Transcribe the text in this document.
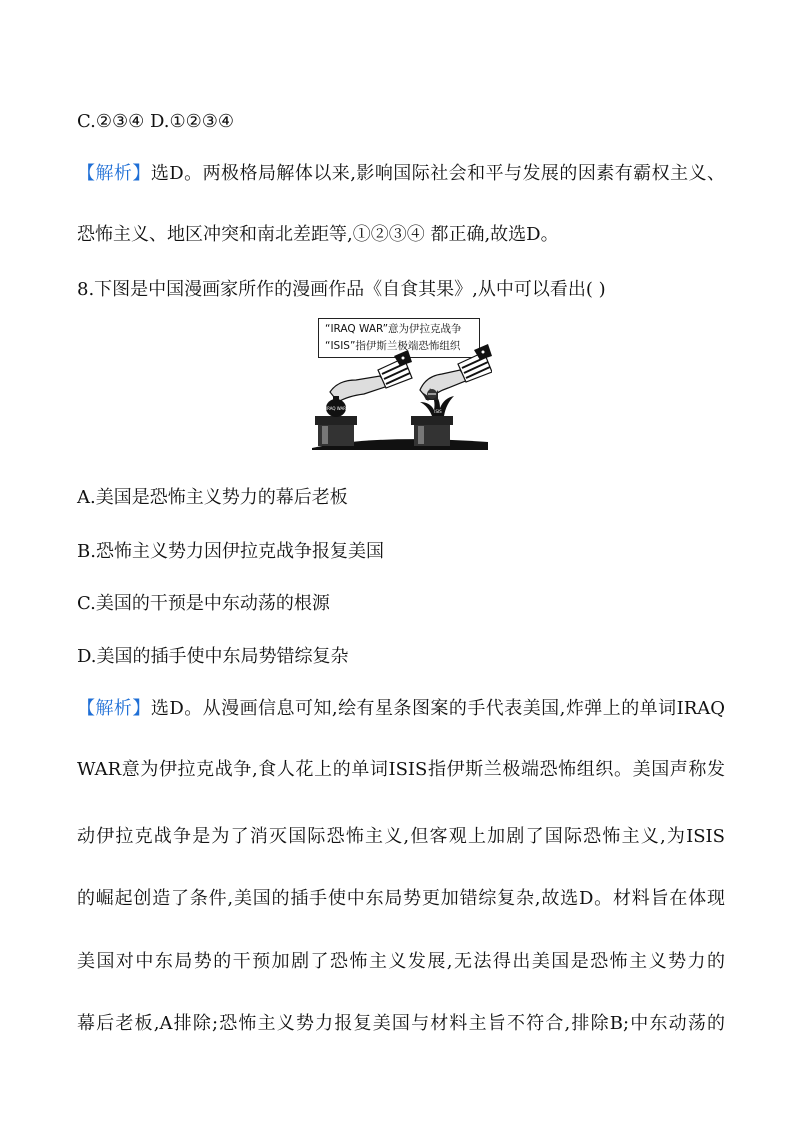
C.②③④ D.①②③④
【解析】选D。两极格局解体以来,影响国际社会和平与发展的因素有霸权主义、
恐怖主义、地区冲突和南北差距等,①②③④ 都正确,故选D。
8.下图是中国漫画家所作的漫画作品《自食其果》,从中可以看出( )
“IRAQ WAR”意为伊拉克战争
“ISIS”指伊斯兰极端恐怖组织
IRAQ WAR
ISIS
A.美国是恐怖主义势力的幕后老板
B.恐怖主义势力因伊拉克战争报复美国
C.美国的干预是中东动荡的根源
D.美国的插手使中东局势错综复杂
【解析】选D。从漫画信息可知,绘有星条图案的手代表美国,炸弹上的单词IRAQ
WAR意为伊拉克战争,食人花上的单词ISIS指伊斯兰极端恐怖组织。美国声称发
动伊拉克战争是为了消灭国际恐怖主义,但客观上加剧了国际恐怖主义,为ISIS
的崛起创造了条件,美国的插手使中东局势更加错综复杂,故选D。材料旨在体现
美国对中东局势的干预加剧了恐怖主义发展,无法得出美国是恐怖主义势力的
幕后老板,A排除;恐怖主义势力报复美国与材料主旨不符合,排除B;中东动荡的
